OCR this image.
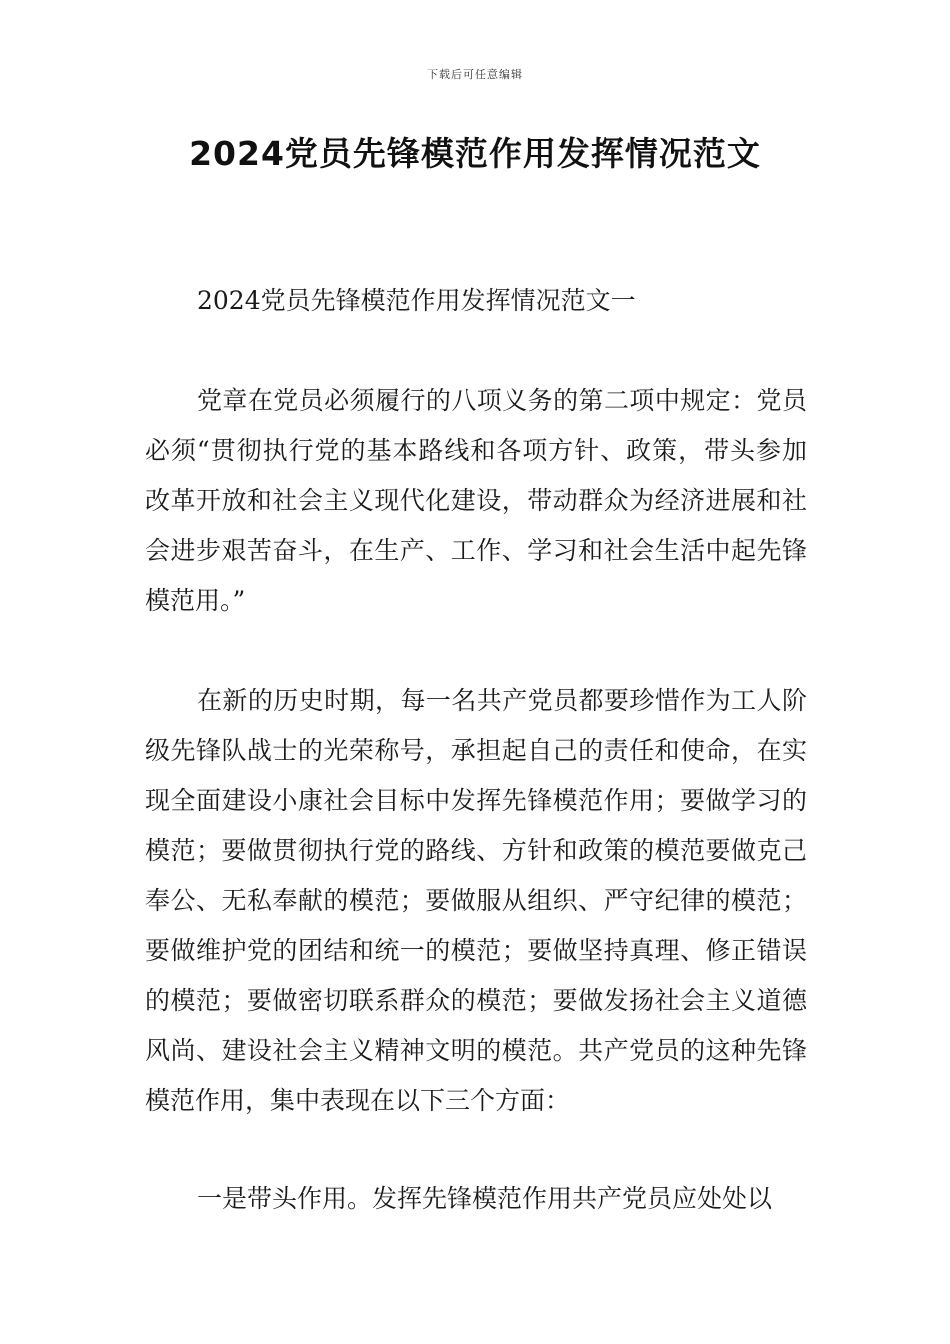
下载后可任意编辑
2024党员先锋模范作用发挥情况范文
2024党员先锋模范作用发挥情况范文一
党章在党员必须履行的八项义务的第二项中规定：党员必须“贯彻执行党的基本路线和各项方针、政策，带头参加改革开放和社会主义现代化建设，带动群众为经济进展和社会进步艰苦奋斗，在生产、工作、学习和社会生活中起先锋模范用。”
在新的历史时期，每一名共产党员都要珍惜作为工人阶级先锋队战士的光荣称号，承担起自己的责任和使命，在实现全面建设小康社会目标中发挥先锋模范作用；要做学习的模范；要做贯彻执行党的路线、方针和政策的模范要做克己奉公、无私奉献的模范；要做服从组织、严守纪律的模范；要做维护党的团结和统一的模范；要做坚持真理、修正错误的模范；要做密切联系群众的模范；要做发扬社会主义道德风尚、建设社会主义精神文明的模范。共产党员的这种先锋模范作用，集中表现在以下三个方面：
一是带头作用。发挥先锋模范作用共产党员应处处以
